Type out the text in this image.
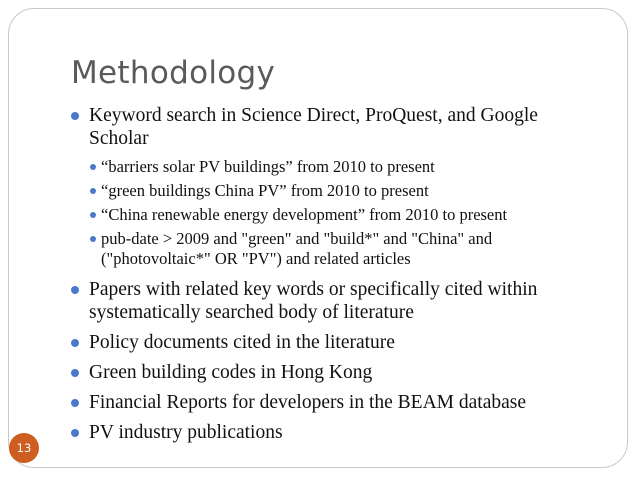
Methodology
Keyword search in Science Direct, ProQuest, and Google Scholar
“barriers solar PV buildings” from 2010 to present
“green buildings China PV” from 2010 to present
“China renewable energy development” from 2010 to present
pub-date > 2009 and "green" and "build*" and "China" and ("photovoltaic*" OR "PV") and related articles
Papers with related key words or specifically cited within systematically searched body of literature
Policy documents cited in the literature
Green building codes in Hong Kong
Financial Reports for developers in the BEAM database
PV industry publications
13
